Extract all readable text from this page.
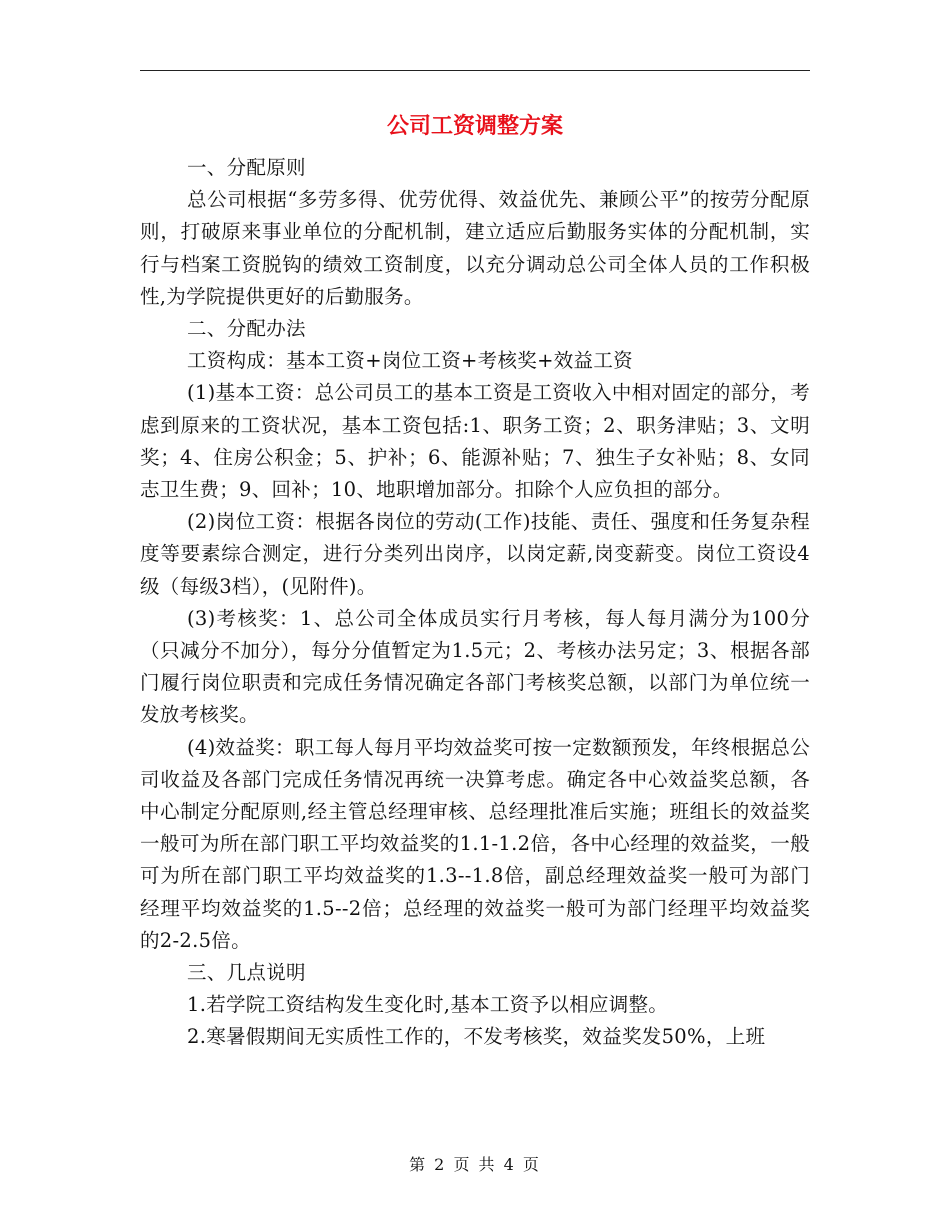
公司工资调整方案

一、分配原则

总公司根据“多劳多得、优劳优得、效益优先、兼顾公平”的按劳分配原则，打破原来事业单位的分配机制，建立适应后勤服务实体的分配机制，实行与档案工资脱钩的绩效工资制度，以充分调动总公司全体人员的工作积极性,为学院提供更好的后勤服务。

二、分配办法

工资构成：基本工资+岗位工资+考核奖+效益工资

(1)基本工资：总公司员工的基本工资是工资收入中相对固定的部分，考虑到原来的工资状况，基本工资包括:1、职务工资；2、职务津贴；3、文明奖；4、住房公积金；5、护补；6、能源补贴；7、独生子女补贴；8、女同志卫生费；9、回补；10、地职增加部分。扣除个人应负担的部分。

(2)岗位工资：根据各岗位的劳动(工作)技能、责任、强度和任务复杂程度等要素综合测定，进行分类列出岗序，以岗定薪,岗变薪变。岗位工资设4级（每级3档），(见附件)。

(3)考核奖：1、总公司全体成员实行月考核，每人每月满分为100分（只减分不加分），每分分值暂定为1.5元；2、考核办法另定；3、根据各部门履行岗位职责和完成任务情况确定各部门考核奖总额，以部门为单位统一发放考核奖。

(4)效益奖：职工每人每月平均效益奖可按一定数额预发，年终根据总公司收益及各部门完成任务情况再统一决算考虑。确定各中心效益奖总额，各中心制定分配原则,经主管总经理审核、总经理批准后实施；班组长的效益奖一般可为所在部门职工平均效益奖的1.1-1.2倍，各中心经理的效益奖，一般可为所在部门职工平均效益奖的1.3--1.8倍，副总经理效益奖一般可为部门经理平均效益奖的1.5--2倍；总经理的效益奖一般可为部门经理平均效益奖的2-2.5倍。

三、几点说明

1.若学院工资结构发生变化时,基本工资予以相应调整。

2.寒暑假期间无实质性工作的，不发考核奖，效益奖发50%，上班

第 2 页 共 4 页
